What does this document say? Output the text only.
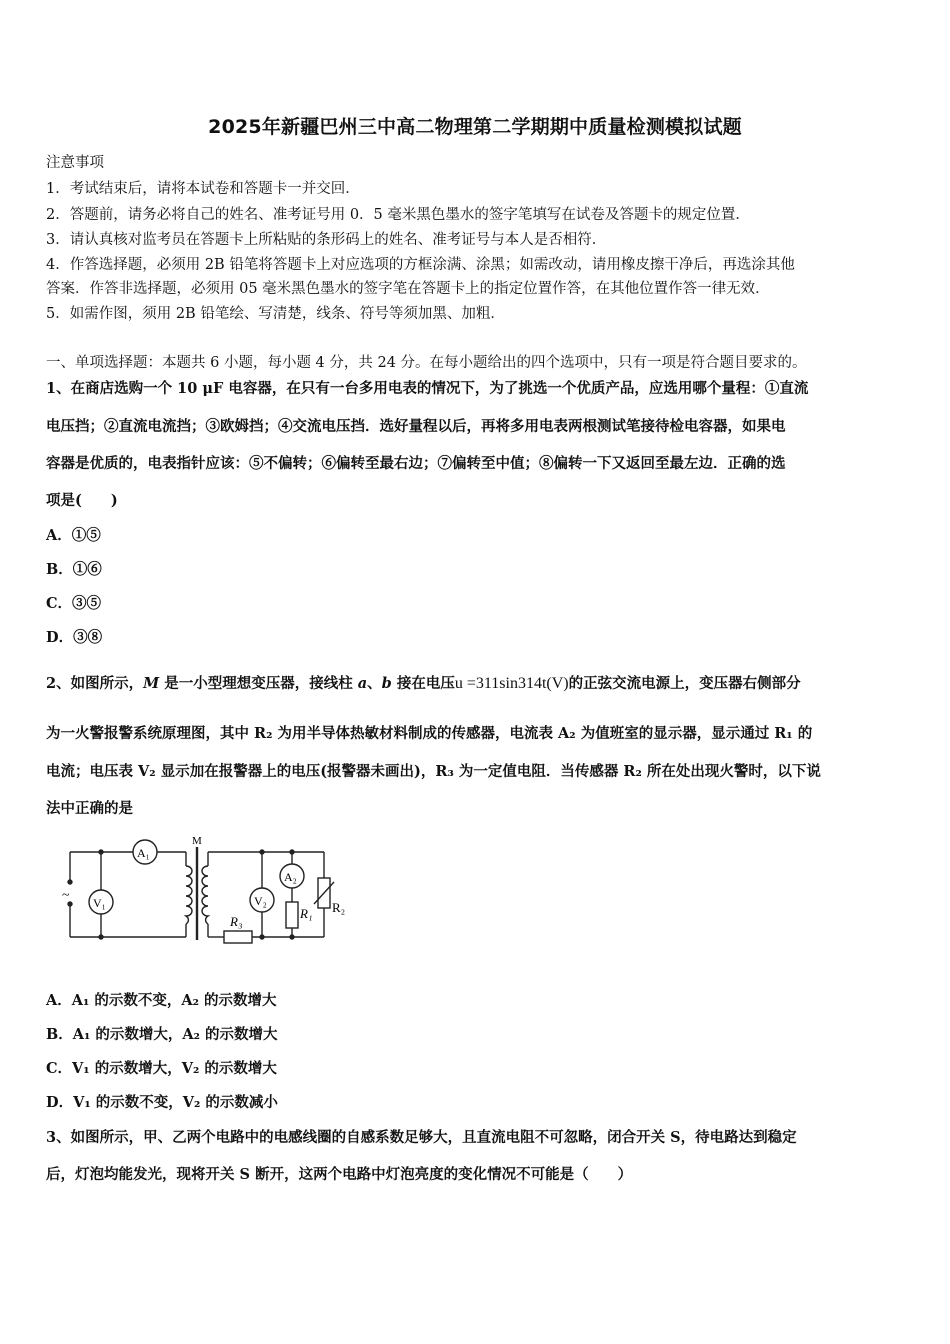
2025年新疆巴州三中高二物理第二学期期中质量检测模拟试题
注意事项
1．考试结束后，请将本试卷和答题卡一并交回．
2．答题前，请务必将自己的姓名、准考证号用 0．5 毫米黑色墨水的签字笔填写在试卷及答题卡的规定位置．
3．请认真核对监考员在答题卡上所粘贴的条形码上的姓名、准考证号与本人是否相符．
4．作答选择题，必须用 2B 铅笔将答题卡上对应选项的方框涂满、涂黑；如需改动，请用橡皮擦干净后，再选涂其他
答案．作答非选择题，必须用 05 毫米黑色墨水的签字笔在答题卡上的指定位置作答，在其他位置作答一律无效．
5．如需作图，须用 2B 铅笔绘、写清楚，线条、符号等须加黑、加粗．
一、单项选择题：本题共 6 小题，每小题 4 分，共 24 分。在每小题给出的四个选项中，只有一项是符合题目要求的。
1、在商店选购一个 10 μF 电容器，在只有一台多用电表的情况下，为了挑选一个优质产品，应选用哪个量程：①直流
电压挡；②直流电流挡；③欧姆挡；④交流电压挡．选好量程以后，再将多用电表两根测试笔接待检电容器，如果电
容器是优质的，电表指针应该：⑤不偏转；⑥偏转至最右边；⑦偏转至中值；⑧偏转一下又返回至最左边．正确的选
项是(　　)
A．①⑤
B．①⑥
C．③⑤
D．③⑧
2、如图所示，M 是一小型理想变压器，接线柱 a、b 接在电压u =311sin314t(V)的正弦交流电源上，变压器右侧部分
为一火警报警系统原理图，其中 R₂ 为用半导体热敏材料制成的传感器，电流表 A₂ 为值班室的显示器，显示通过 R₁ 的
电流；电压表 V₂ 显示加在报警器上的电压(报警器未画出)，R₃ 为一定值电阻．当传感器 R₂ 所在处出现火警时，以下说
法中正确的是
M
A₁
V₁	V₂
A₂
R₁ R₂
R₃
~
A．A₁ 的示数不变，A₂ 的示数增大
B．A₁ 的示数增大，A₂ 的示数增大
C．V₁ 的示数增大，V₂ 的示数增大
D．V₁ 的示数不变，V₂ 的示数减小
3、如图所示，甲、乙两个电路中的电感线圈的自感系数足够大，且直流电阻不可忽略，闭合开关 S，待电路达到稳定
后，灯泡均能发光，现将开关 S 断开，这两个电路中灯泡亮度的变化情况不可能是（　　）
